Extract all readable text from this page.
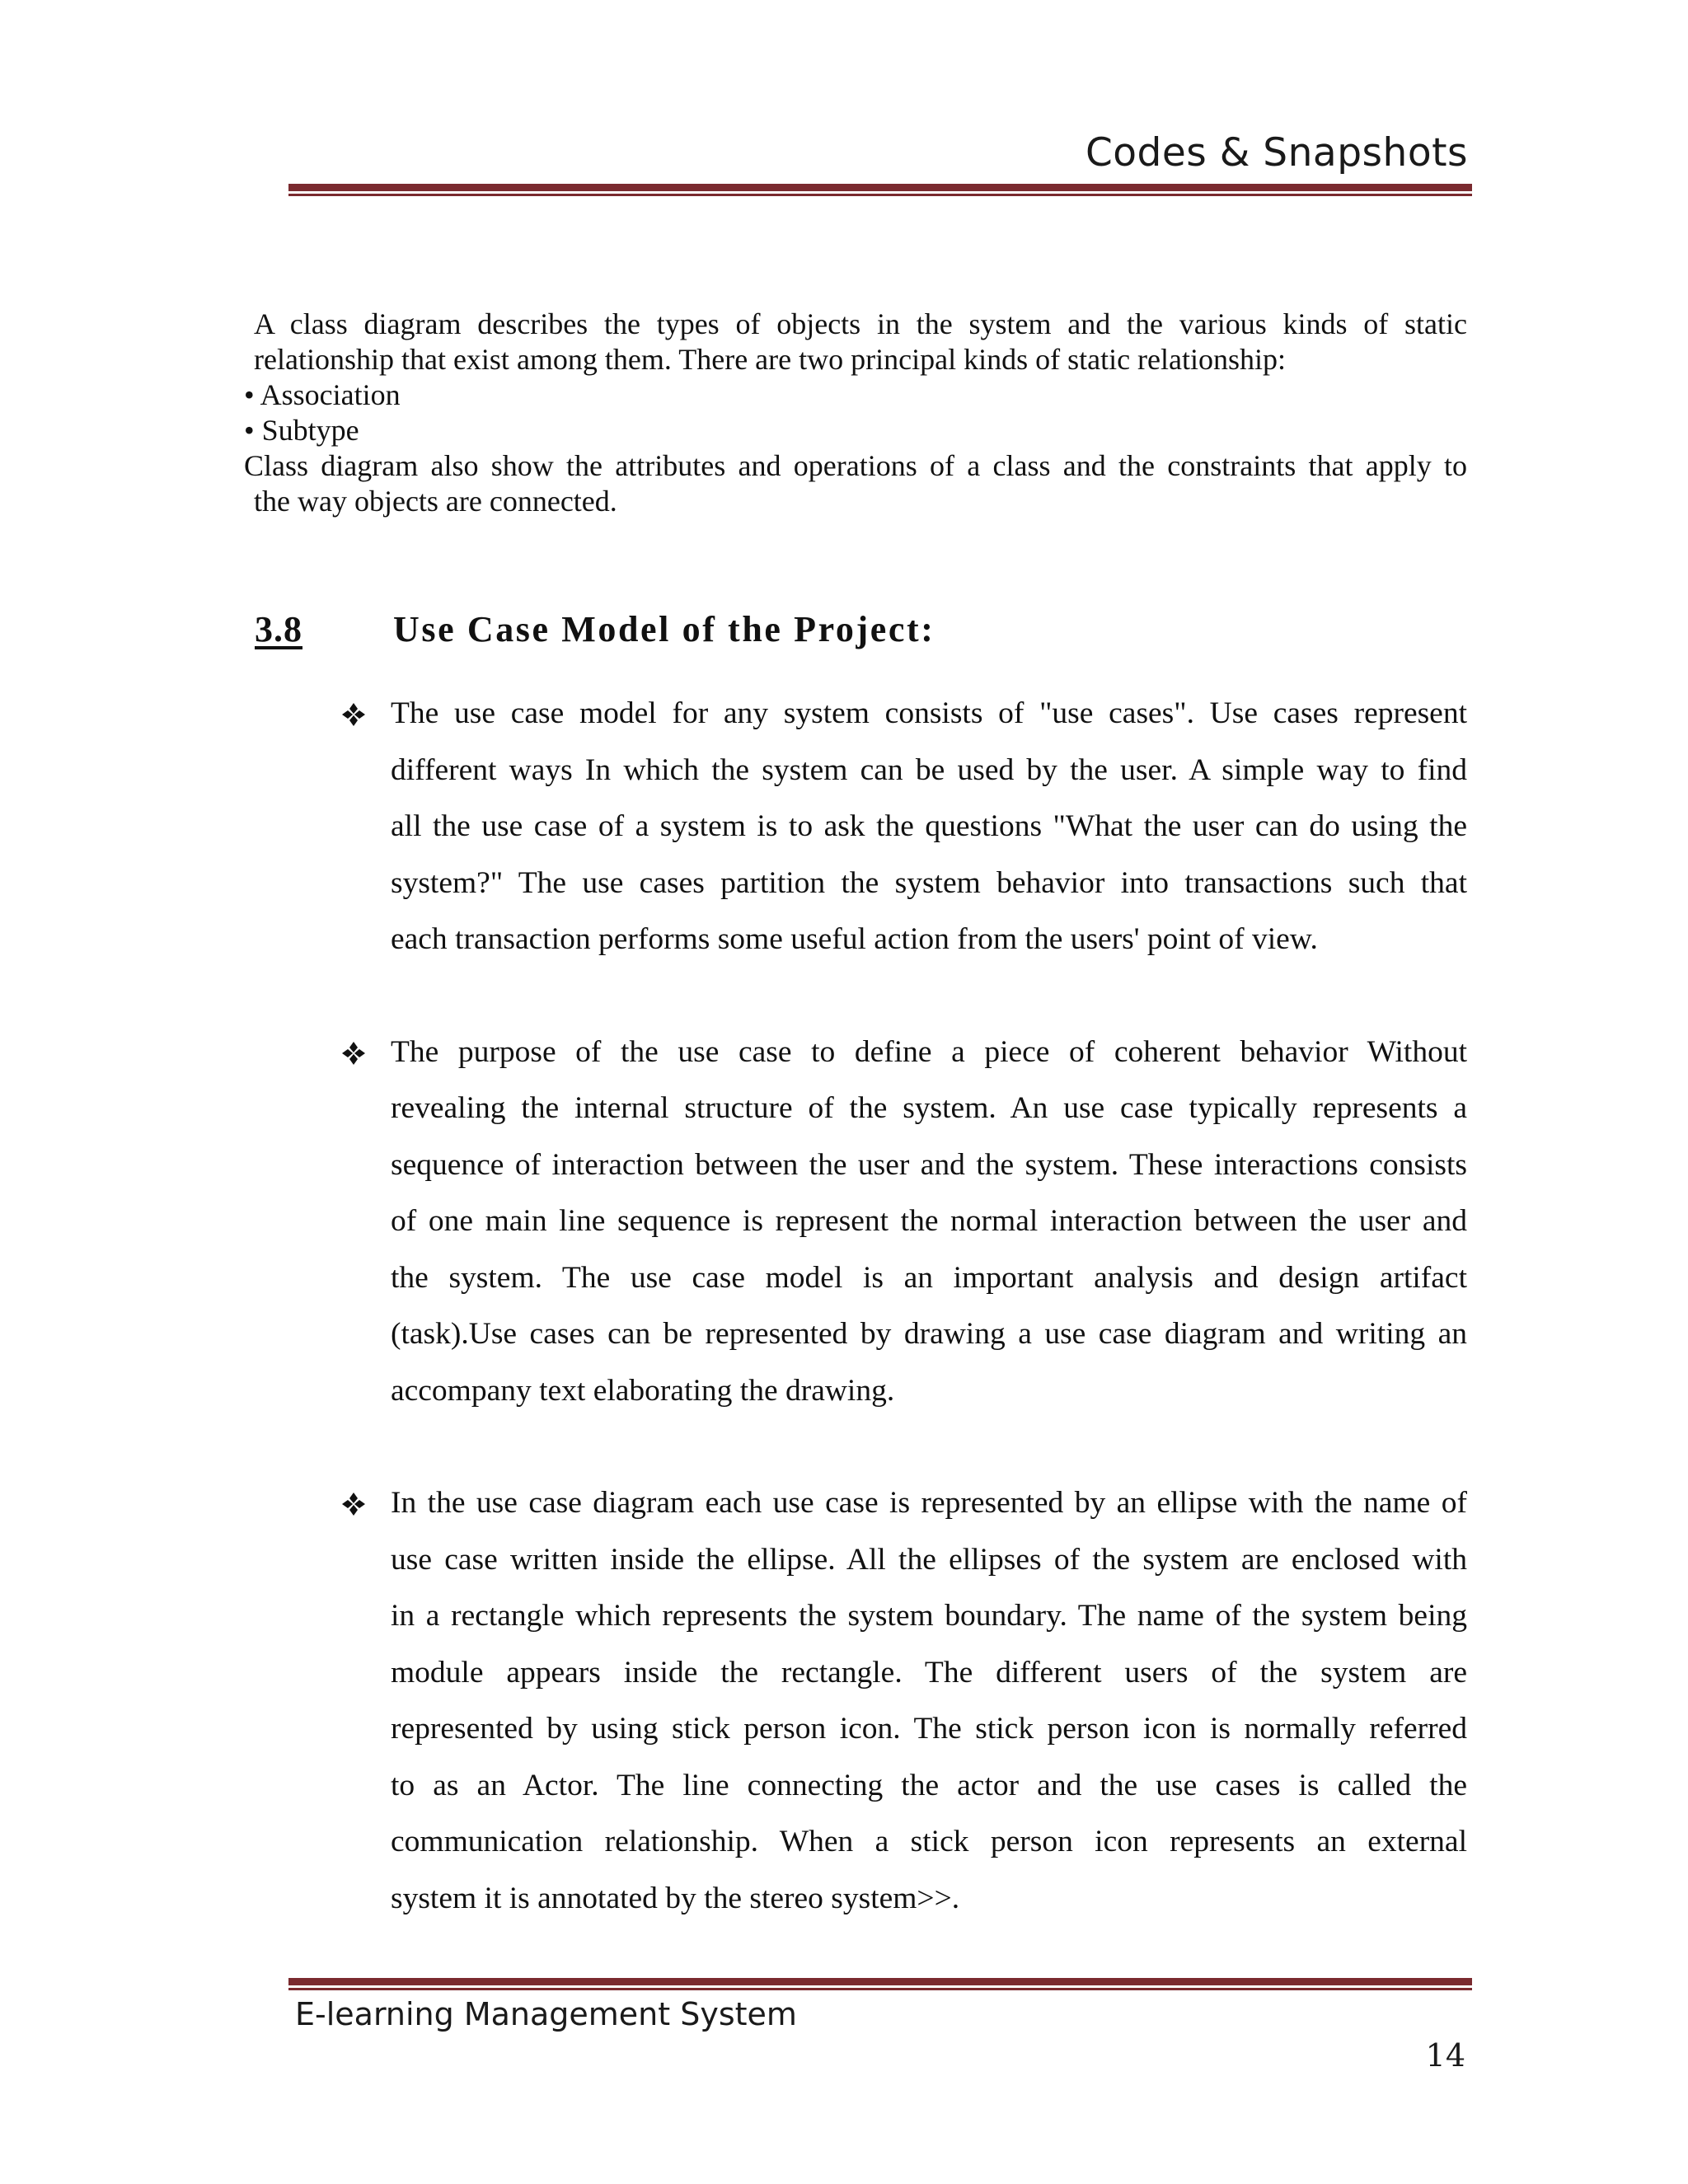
Codes & Snapshots
A class diagram describes the types of objects in the system and the various kinds of static
relationship that exist among them. There are two principal kinds of static relationship:
• Association
• Subtype
Class diagram also show the attributes and operations of a class and the constraints that apply to
the way objects are connected.
3.8	Use Case Model of the Project:
The use case model for any system consists of "use cases". Use cases represent
different ways In which the system can be used by the user. A simple way to find
all the use case of a system is to ask the questions "What the user can do using the
system?" The use cases partition the system behavior into transactions such that
each transaction performs some useful action from the users' point of view.
The purpose of the use case to define a piece of coherent behavior Without
revealing the internal structure of the system. An use case typically represents a
sequence of interaction between the user and the system. These interactions consists
of one main line sequence is represent the normal interaction between the user and
the system. The use case model is an important analysis and design artifact
(task).Use cases can be represented by drawing a use case diagram and writing an
accompany text elaborating the drawing.
In the use case diagram each use case is represented by an ellipse with the name of
use case written inside the ellipse. All the ellipses of the system are enclosed with
in a rectangle which represents the system boundary. The name of the system being
module appears inside the rectangle. The different users of the system are
represented by using stick person icon. The stick person icon is normally referred
to as an Actor. The line connecting the actor and the use cases is called the
communication relationship. When a stick person icon represents an external
system it is annotated by the stereo system>>.
E-learning Management System
14
